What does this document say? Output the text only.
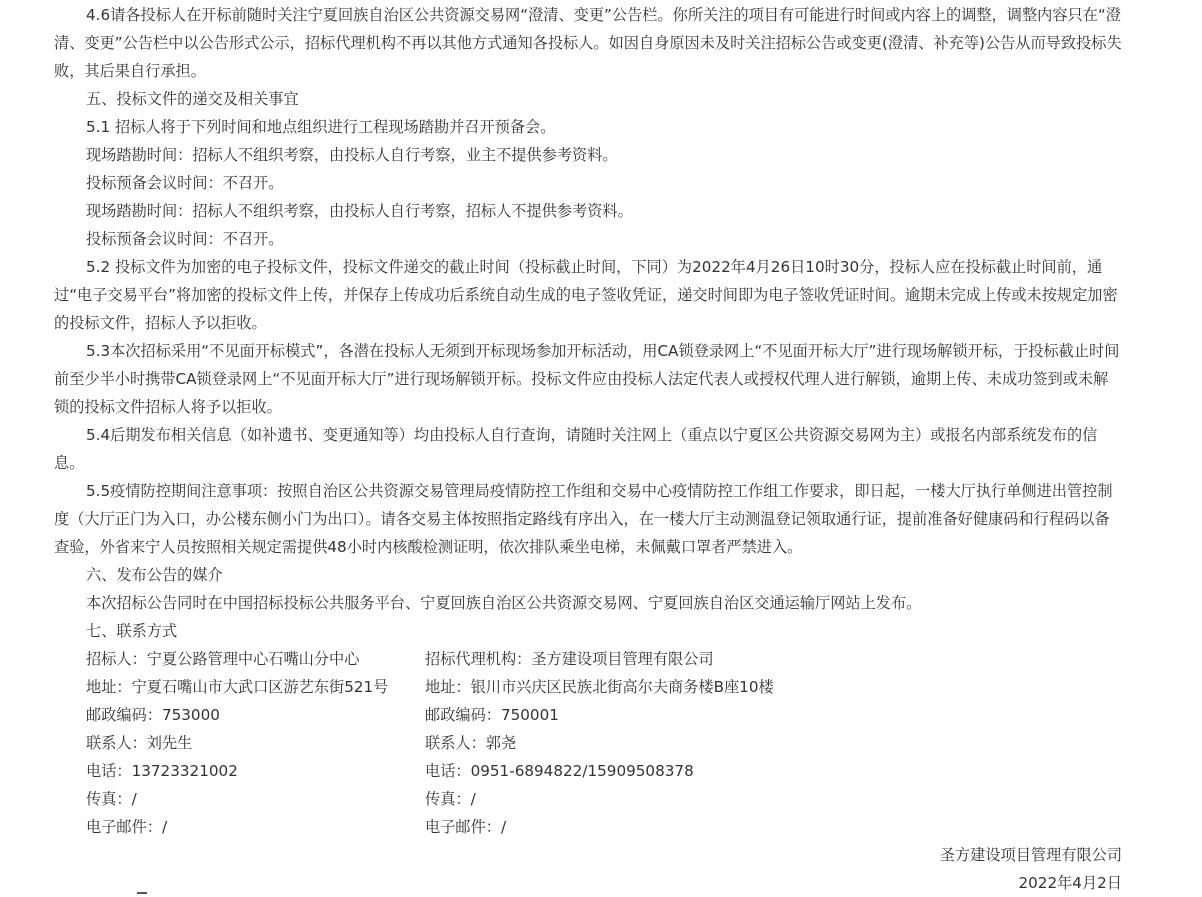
4.6请各投标人在开标前随时关注宁夏回族自治区公共资源交易网“澄清、变更”公告栏。你所关注的项目有可能进行时间或内容上的调整，调整内容只在“澄清、变更”公告栏中以公告形式公示，招标代理机构不再以其他方式通知各投标人。如因自身原因未及时关注招标公告或变更(澄清、补充等)公告从而导致投标失败，其后果自行承担。

五、投标文件的递交及相关事宜

5.1 招标人将于下列时间和地点组织进行工程现场踏勘并召开预备会。

现场踏勘时间：招标人不组织考察，由投标人自行考察，业主不提供参考资料。

投标预备会议时间：不召开。

现场踏勘时间：招标人不组织考察，由投标人自行考察，招标人不提供参考资料。

投标预备会议时间：不召开。

5.2 投标文件为加密的电子投标文件，投标文件递交的截止时间（投标截止时间，下同）为2022年4月26日10时30分，投标人应在投标截止时间前，通过“电子交易平台”将加密的投标文件上传，并保存上传成功后系统自动生成的电子签收凭证，递交时间即为电子签收凭证时间。逾期未完成上传或未按规定加密的投标文件，招标人予以拒收。

5.3本次招标采用“不见面开标模式”，各潜在投标人无须到开标现场参加开标活动，用CA锁登录网上“不见面开标大厅”进行现场解锁开标，于投标截止时间前至少半小时携带CA锁登录网上“不见面开标大厅”进行现场解锁开标。投标文件应由投标人法定代表人或授权代理人进行解锁，逾期上传、未成功签到或未解锁的投标文件招标人将予以拒收。

5.4后期发布相关信息（如补遗书、变更通知等）均由投标人自行查询，请随时关注网上（重点以宁夏区公共资源交易网为主）或报名内部系统发布的信息。

5.5疫情防控期间注意事项：按照自治区公共资源交易管理局疫情防控工作组和交易中心疫情防控工作组工作要求，即日起，一楼大厅执行单侧进出管控制度（大厅正门为入口，办公楼东侧小门为出口）。请各交易主体按照指定路线有序出入，在一楼大厅主动测温登记领取通行证，提前准备好健康码和行程码以备查验，外省来宁人员按照相关规定需提供48小时内核酸检测证明，依次排队乘坐电梯，未佩戴口罩者严禁进入。

六、发布公告的媒介

本次招标公告同时在中国招标投标公共服务平台、宁夏回族自治区公共资源交易网、宁夏回族自治区交通运输厅网站上发布。

七、联系方式

招标人：宁夏公路管理中心石嘴山分中心	招标代理机构：圣方建设项目管理有限公司
地址：宁夏石嘴山市大武口区游艺东街521号	地址：银川市兴庆区民族北街高尔夫商务楼B座10楼
邮政编码：753000	邮政编码：750001
联系人：刘先生	联系人：郭尧
电话：13723321002	电话：0951-6894822/15909508378
传真：/	传真：/
电子邮件：/	电子邮件：/
圣方建设项目管理有限公司
2022年4月2日
